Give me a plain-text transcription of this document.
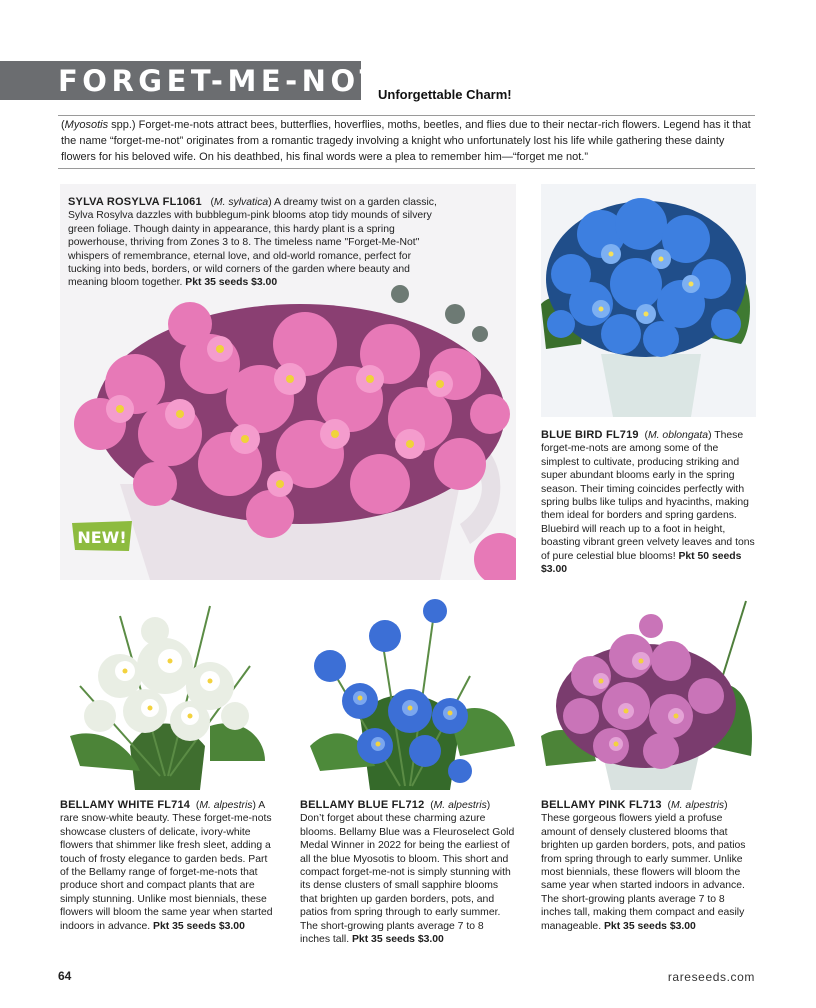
FORGET-ME-NOTS
Unforgettable Charm!
(Myosotis spp.) Forget-me-nots attract bees, butterflies, hoverflies, moths, beetles, and flies due to their nectar-rich flowers. Legend has it that the name “forget-me-not” originates from a romantic tragedy involving a knight who unfortunately lost his life while gathering these dainty flowers for his beloved wife. On his deathbed, his final words were a plea to remember him—“forget me not.”
SYLVA ROSYLVA FL1061   (M. sylvatica) A dreamy twist on a garden classic, Sylva Rosylva dazzles with bubblegum-pink blooms atop tidy mounds of silvery green foliage. Though dainty in appearance, this hardy plant is a spring powerhouse, thriving from Zones 3 to 8. The timeless name "Forget-Me-Not" whispers of remembrance, eternal love, and old-world romance, perfect for tucking into beds, borders, or wild corners of the garden where beauty and meaning bloom together. Pkt 35 seeds $3.00
NEW!
BLUE BIRD FL719  (M. oblongata) These forget-me-nots are among some of the simplest to cultivate, producing striking and super abundant blooms early in the spring season. Their timing coincides perfectly with spring bulbs like tulips and hyacinths, making them ideal for borders and spring gardens. Bluebird will reach up to a foot in height, boasting vibrant green velvety leaves and tons of pure celestial blue blooms! Pkt 50 seeds $3.00
BELLAMY WHITE FL714  (M. alpestris) A rare snow-white beauty. These forget-me-nots showcase clusters of delicate, ivory-white flowers that shimmer like fresh sleet, adding a touch of frosty elegance to garden beds. Part of the Bellamy range of forget-me-nots that produce short and compact plants that are simply stunning. Unlike most biennials, these flowers will bloom the same year when started indoors in advance. Pkt 35 seeds $3.00
BELLAMY BLUE FL712  (M. alpestris) Don’t forget about these charming azure blooms. Bellamy Blue was a Fleuroselect Gold Medal Winner in 2022 for being the earliest of all the blue Myosotis to bloom. This short and compact forget-me-not is simply stunning with its dense clusters of small sapphire blooms that brighten up garden borders, pots, and patios from spring through to early summer. The short-growing plants average 7 to 8 inches tall. Pkt 35 seeds $3.00
BELLAMY PINK FL713  (M. alpestris) These gorgeous flowers yield a profuse amount of densely clustered blooms that brighten up garden borders, pots, and patios from spring through to early summer. Unlike most biennials, these flowers will bloom the same year when started indoors in advance. The short-growing plants average 7 to 8 inches tall, making them compact and easily manageable. Pkt 35 seeds $3.00
64	rareseeds.com
